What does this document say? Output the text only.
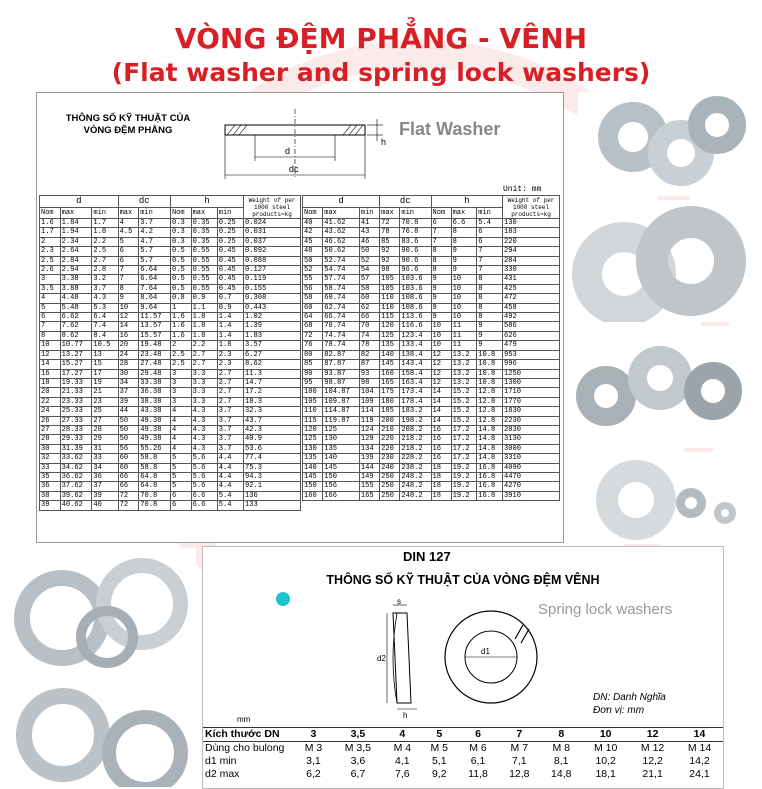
VÒNG ĐỆM PHẲNG - VÊNH
(Flat washer and spring lock washers)
THÔNG SỐ KỸ THUẬT CỦA
VÒNG ĐỆM PHẲNG
d
dc
h
Flat Washer
Unit: mm
d			dc		h			Weight of per 1000 steel products≈kg
Nom	max	min	max	min	Nom	max	min	
1.6	1.84	1.7	4	3.7	0.3	0.35	0.25	0.024
1.7	1.94	1.8	4.5	4.2	0.3	0.35	0.25	0.031
2	2.34	2.2	5	4.7	0.3	0.35	0.25	0.037
2.3	2.64	2.5	6	5.7	0.5	0.55	0.45	0.092
2.5	2.84	2.7	6	5.7	0.5	0.55	0.45	0.088
2.6	2.94	2.8	7	6.64	0.5	0.55	0.45	0.127
3	3.38	3.2	7	6.64	0.5	0.55	0.45	0.119
3.5	3.88	3.7	8	7.64	0.5	0.55	0.45	0.155
4	4.48	4.3	9	8.64	0.8	0.9	0.7	0.308
5	5.48	5.3	10	9.64	1	1.1	0.9	0.443
6	6.62	6.4	12	11.57	1.6	1.8	1.4	1.02
7	7.62	7.4	14	13.57	1.6	1.8	1.4	1.39
8	8.62	8.4	16	15.57	1.6	1.8	1.4	1.83
10	10.77	10.5	20	19.48	2	2.2	1.8	3.57
12	13.27	13	24	23.48	2.5	2.7	2.3	6.27
14	15.27	15	28	27.48	2.5	2.7	2.3	8.62
16	17.27	17	30	29.48	3	3.3	2.7	11.3
18	19.33	19	34	33.38	3	3.3	2.7	14.7
20	21.33	21	37	36.38	3	3.3	2.7	17.2
22	23.33	23	39	38.38	3	3.3	2.7	18.3
24	25.33	25	44	43.38	4	4.3	3.7	32.3
26	27.33	27	50	49.38	4	4.3	3.7	43.7
27	28.33	28	50	49.38	4	4.3	3.7	42.3
28	29.33	29	50	49.38	4	4.3	3.7	40.9
30	31.39	31	56	55.26	4	4.3	3.7	53.6
32	33.62	33	60	58.8	5	5.6	4.4	77.4
33	34.62	34	60	58.8	5	5.6	4.4	75.3
35	36.62	36	66	64.8	5	5.6	4.4	94.3
36	37.62	37	66	64.8	5	5.6	4.4	92.1
38	39.62	39	72	70.8	6	6.6	5.4	136
39	40.62	40	72	70.8	6	6.6	5.4	133
d			dc		h			Weight of per 1000 steel products≈kg
Nom	max	min	max	min	Nom	max	min	
40	41.62	41	72	70.8	6	6.6	5.4	130
42	43.62	43	78	76.8	7	8	6	183
45	46.62	46	85	83.6	7	8	6	220
48	50.62	50	92	90.6	8	9	7	294
50	52.74	52	92	90.6	8	9	7	284
52	54.74	54	98	96.6	8	9	7	330
55	57.74	57	105	103.6	9	10	8	431
56	58.74	58	105	103.6	9	10	8	425
58	60.74	60	110	108.6	9	10	8	472
60	62.74	62	110	108.6	9	10	8	458
64	66.74	66	115	113.6	9	10	8	492
68	70.74	70	120	116.6	10	11	9	586
72	74.74	74	125	123.4	10	11	9	626
76	78.74	78	135	133.4	10	11	9	479
80	82.87	82	140	138.4	12	13.2	10.8	953
85	87.87	87	145	143.4	12	13.2	10.8	996
90	93.87	93	160	158.4	12	13.2	10.8	1250
95	98.87	98	165	163.4	12	13.2	10.8	1300
100	104.87	104	175	173.4	14	15.2	12.8	1710
105	109.87	109	180	178.4	14	15.2	12.8	1770
110	114.87	114	185	183.2	14	15.2	12.8	1830
115	119.87	119	200	198.2	14	15.2	12.8	2230
120	125	124	210	208.2	16	17.2	14.8	2830
125	130	129	220	218.2	16	17.2	14.8	3130
130	135	134	220	218.2	16	17.2	14.8	3000
135	140	139	230	228.2	16	17.2	14.8	3310
140	145	144	240	238.2	18	19.2	16.8	4090
145	150	149	250	248.2	18	19.2	16.8	4470
150	156	155	250	248.2	18	19.2	16.8	4270
160	166	165	250	248.2	18	19.2	16.8	3910
DIN 127
THÔNG SỐ KỸ THUẬT CỦA VÒNG ĐỆM VÊNH
Spring lock washers
s
d2
h
d1
DN: Danh Nghĩa
Đơn vị: mm
mm
Kích thước DN	3	3,5	4	5	6	7	8	10	12	14
Dùng cho bulong	M 3	M 3,5	M 4	M 5	M 6	M 7	M 8	M 10	M 12	M 14
d1 min	3,1	3,6	4,1	5,1	6,1	7,1	8,1	10,2	12,2	14,2
d2 max	6,2	6,7	7,6	9,2	11,8	12,8	14,8	18,1	21,1	24,1
